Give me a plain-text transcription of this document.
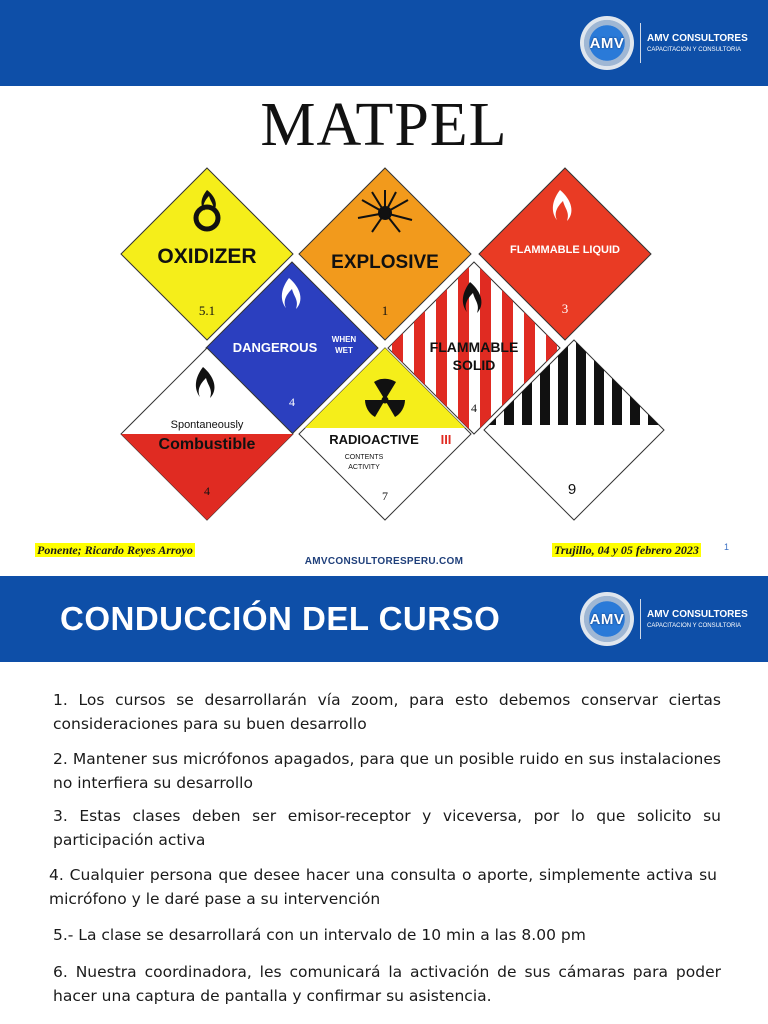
AMV AMV CONSULTORES
CAPACITACION Y CONSULTORIA
MATPEL
OXIDIZER
5.1
EXPLOSIVE
1
FLAMMABLE LIQUID
3
FLAMMABLE
SOLID
4
DANGEROUS
WHEN
WET
4
Spontaneously
Combustible
4
RADIOACTIVE III
CONTENTS
ACTIVITY
7	9
Ponente; Ricardo Reyes Arroyo
AMVCONSULTORESPERU.COM
Trujillo, 04 y 05 febrero 2023	1
CONDUCCIÓN DEL CURSO	AMV AMV CONSULTORES
CAPACITACION Y CONSULTORIA

1. Los cursos se desarrollarán vía zoom, para esto debemos conservar ciertas consideraciones para su buen desarrollo

2. Mantener sus micrófonos apagados, para que un posible ruido en sus instalaciones no interfiera su desarrollo

3. Estas clases deben ser emisor-receptor y viceversa, por lo que solicito su participación activa

4. Cualquier persona que desee hacer una consulta o aporte, simplemente activa su micrófono y le daré pase a su intervención

5.- La clase se desarrollará con un intervalo de 10 min a las 8.00 pm

6. Nuestra coordinadora, les comunicará la activación de sus cámaras para poder hacer una captura de pantalla y confirmar su asistencia.
